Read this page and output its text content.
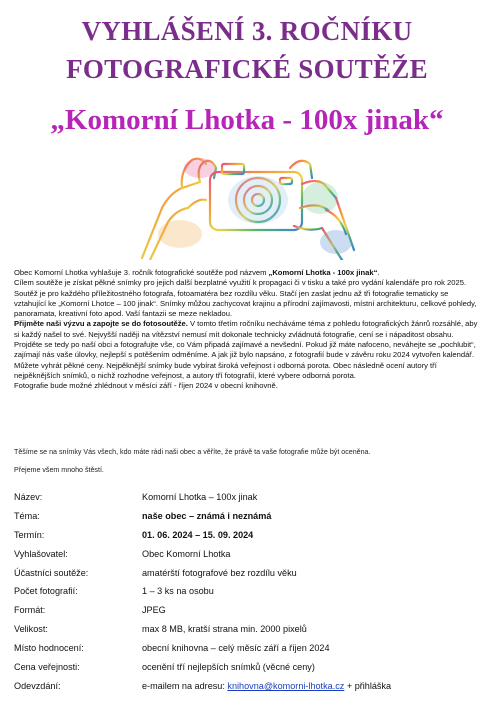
VYHLÁŠENÍ 3. ROČNÍKU
FOTOGRAFICKÉ SOUTĚŽE
„Komorní Lhotka - 100x jinak“

Obec Komorní Lhotka vyhlašuje 3. ročník fotografické soutěže pod názvem „Komorní Lhotka - 100x jinak“.

Cílem soutěže je získat pěkné snímky pro jejich další bezplatné využití k propagaci či v tisku a také pro vydání kalendáře pro rok 2025.

Soutěž je pro každého příležitostného fotografa, fotoamatéra bez rozdílu věku. Stačí jen zaslat jednu až tři fotografie tematicky se vztahující ke „Komorní Lhotce – 100 jinak“. Snímky můžou zachycovat krajinu a přírodní zajímavosti, místní architekturu, celkové pohledy, panoramata, kreativní foto apod. Vaší fantazii se meze nekladou.

Přijměte naši výzvu a zapojte se do fotosoutěže. V tomto třetím ročníku necháváme téma z pohledu fotografických žánrů rozsáhlé, aby si každý našel to své. Nejvyšší naději na vítězství nemusí mít dokonale technicky zvládnutá fotografie, cení se i nápaditost obsahu.

Projděte se tedy po naší obci a fotografujte vše, co Vám připadá zajímavé a nevšední. Pokud již máte nafoceno, neváhejte se „pochlubit“, zajímají nás vaše úlovky, nejlepší s potěšením odměníme. A jak již bylo napsáno, z fotografií bude v závěru roku 2024 vytvořen kalendář.

Můžete vyhrát pěkné ceny. Nejpěknější snímky bude vybírat široká veřejnost i odborná porota. Obec následně ocení autory tří nejpěknějších snímků, o nichž rozhodne veřejnost, a autory tří fotografií, které vybere odborná porota.

Fotografie bude možné zhlédnout v měsíci září - říjen 2024 v obecní knihovně.

Těšíme se na snímky Vás všech, kdo máte rádi naši obec a věříte, že právě ta vaše fotografie může být oceněna.
Přejeme všem mnoho štěstí.
Název:	Komorní Lhotka – 100x jinak
Téma:	naše obec – známá i neznámá
Termín:	01. 06. 2024 – 15. 09. 2024
Vyhlašovatel:	Obec Komorní Lhotka
Účastníci soutěže:	amatérští fotografové bez rozdílu věku
Počet fotografií:	1 – 3 ks na osobu
Formát:	JPEG
Velikost:	max 8 MB, kratší strana min. 2000 pixelů
Místo hodnocení:	obecní knihovna – celý měsíc září a říjen 2024
Cena veřejnosti:	ocenění tří nejlepších snímků (věcné ceny)
Odevzdání:	e-mailem na adresu: knihovna@komorni-lhotka.cz + přihláška
